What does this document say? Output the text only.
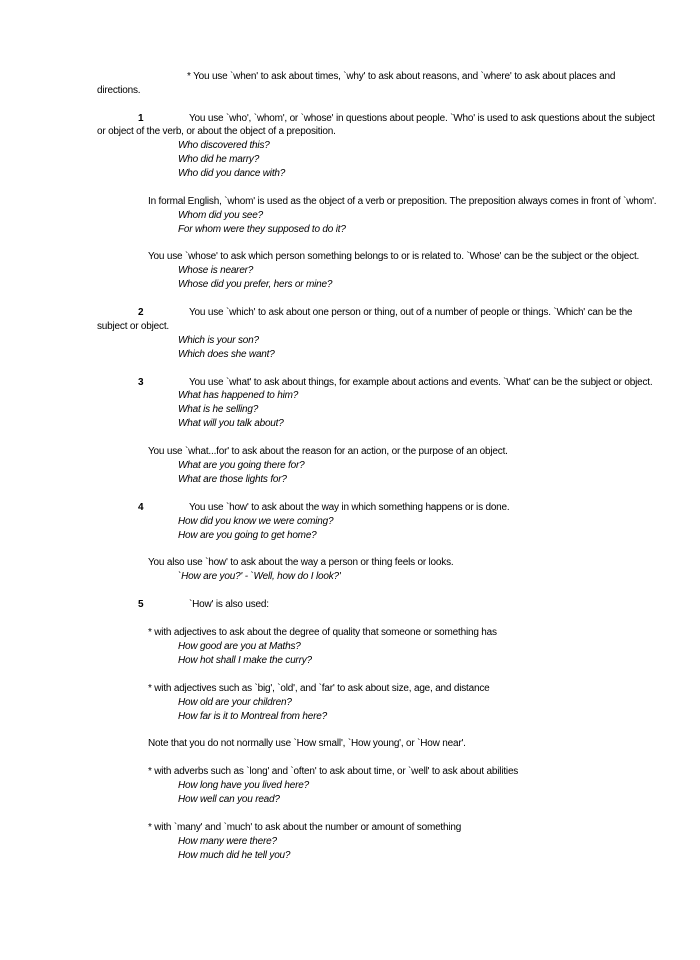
* You use `when' to ask about times, `why' to ask about reasons, and `where' to ask about places and
directions.
1	You use `who', `whom', or `whose' in questions about people. `Who' is used to ask questions about the subject
or object of the verb, or about the object of a preposition.
Who discovered this?
Who did he marry?
Who did you dance with?
In formal English, `whom' is used as the object of a verb or preposition. The preposition always comes in front of `whom'.
Whom did you see?
For whom were they supposed to do it?
You use `whose' to ask which person something belongs to or is related to. `Whose' can be the subject or the object.
Whose is nearer?
Whose did you prefer, hers or mine?
2	You use `which' to ask about one person or thing, out of a number of people or things. `Which' can be the
subject or object.
Which is your son?
Which does she want?
3	You use `what' to ask about things, for example about actions and events. `What' can be the subject or object.
What has happened to him?
What is he selling?
What will you talk about?
You use `what...for' to ask about the reason for an action, or the purpose of an object.
What are you going there for?
What are those lights for?
4	You use `how' to ask about the way in which something happens or is done.
How did you know we were coming?
How are you going to get home?
You also use `how' to ask about the way a person or thing feels or looks.
`How are you?' - `Well, how do I look?'
5	`How' is also used:
* with adjectives to ask about the degree of quality that someone or something has
How good are you at Maths?
How hot shall I make the curry?
* with adjectives such as `big', `old', and `far' to ask about size, age, and distance
How old are your children?
How far is it to Montreal from here?
Note that you do not normally use `How small', `How young', or `How near'.
* with adverbs such as `long' and `often' to ask about time, or `well' to ask about abilities
How long have you lived here?
How well can you read?
* with `many' and `much' to ask about the number or amount of something
How many were there?
How much did he tell you?
